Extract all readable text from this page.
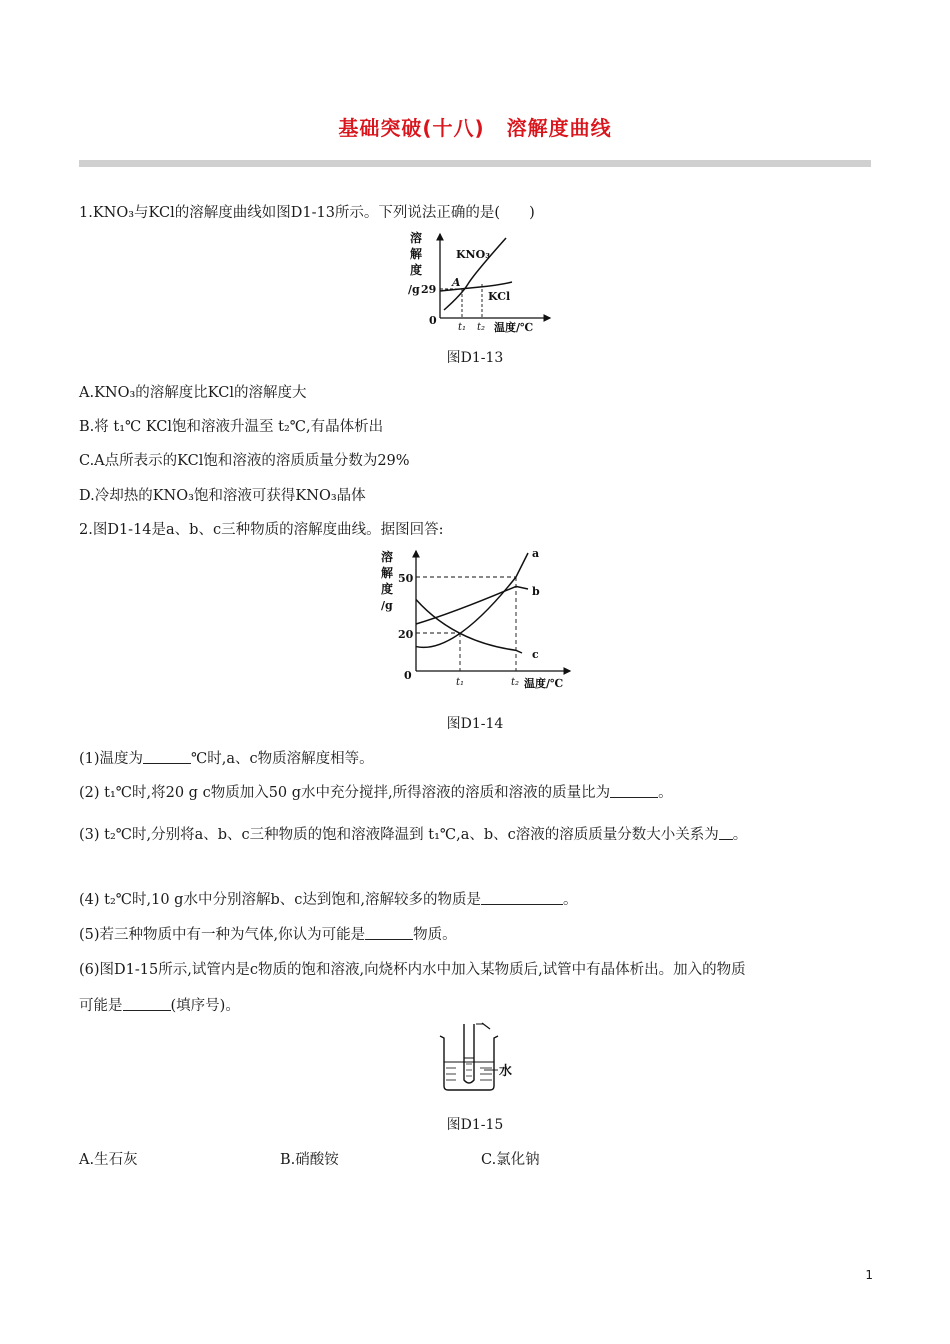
基础突破(十八) 溶解度曲线
1.KNO₃与KCl的溶解度曲线如图D1-13所示。下列说法正确的是(　　)
溶
解
度
/g 29
0
t₁ t₂ 温度/℃
A
KNO₃
KCl
图D1-13
A.KNO₃的溶解度比KCl的溶解度大
B.将 t₁℃ KCl饱和溶液升温至 t₂℃,有晶体析出
C.A点所表示的KCl饱和溶液的溶质质量分数为29%
D.冷却热的KNO₃饱和溶液可获得KNO₃晶体
2.图D1-14是a、b、c三种物质的溶解度曲线。据图回答:
溶
解
度
/g
50
20
0
t₁	t₂ 温度/℃
a
b
c
图D1-14
(1)温度为	℃时,a、c物质溶解度相等。
(2) t₁℃时,将20 g c物质加入50 g水中充分搅拌,所得溶液的溶质和溶液的质量比为	。
(3) t₂℃时,分别将a、b、c三种物质的饱和溶液降温到 t₁℃,a、b、c溶液的溶质质量分数大小关系为 。
(4) t₂℃时,10 g水中分别溶解b、c达到饱和,溶解较多的物质是	。
(5)若三种物质中有一种为气体,你认为可能是	物质。
(6)图D1-15所示,试管内是c物质的饱和溶液,向烧杯内水中加入某物质后,试管中有晶体析出。加入的物质
可能是	(填序号)。
水
图D1-15
A.生石灰	B.硝酸铵	C.氯化钠
1
